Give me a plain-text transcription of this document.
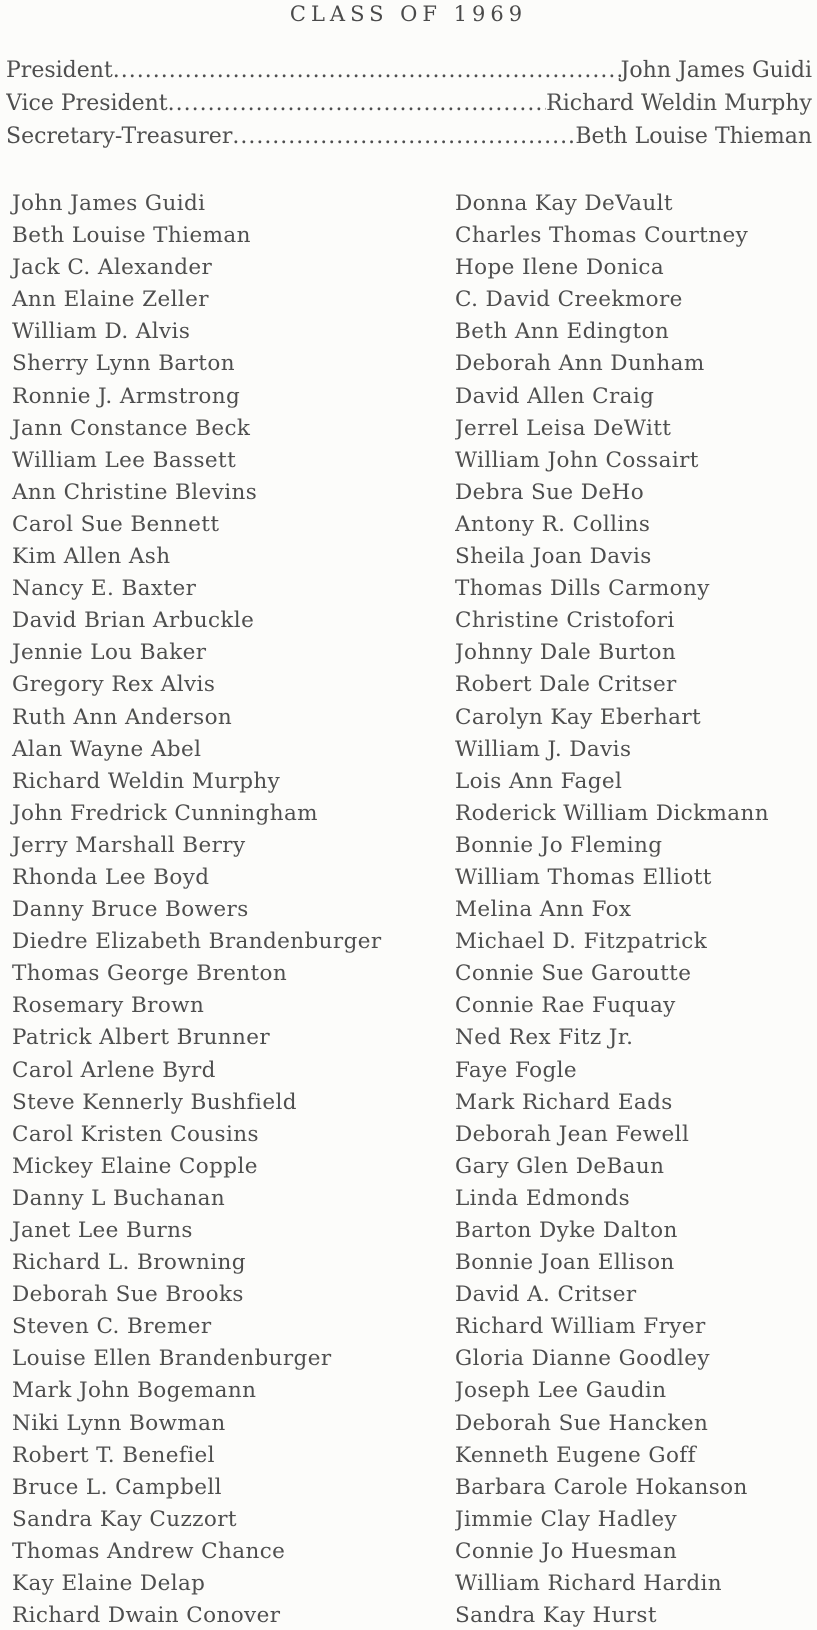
CLASS OF 1969
President .....	John James Guidi
Vice President .....	Richard Weldin Murphy
Secretary-Treasurer .....	Beth Louise Thieman
John James Guidi
Beth Louise Thieman
Jack C. Alexander
Ann Elaine Zeller
William D. Alvis
Sherry Lynn Barton
Ronnie J. Armstrong
Jann Constance Beck
William Lee Bassett
Ann Christine Blevins
Carol Sue Bennett
Kim Allen Ash
Nancy E. Baxter
David Brian Arbuckle
Jennie Lou Baker
Gregory Rex Alvis
Ruth Ann Anderson
Alan Wayne Abel
Richard Weldin Murphy
John Fredrick Cunningham
Jerry Marshall Berry
Rhonda Lee Boyd
Danny Bruce Bowers
Diedre Elizabeth Brandenburger
Thomas George Brenton
Rosemary Brown
Patrick Albert Brunner
Carol Arlene Byrd
Steve Kennerly Bushfield
Carol Kristen Cousins
Mickey Elaine Copple
Danny L Buchanan
Janet Lee Burns
Richard L. Browning
Deborah Sue Brooks
Steven C. Bremer
Louise Ellen Brandenburger
Mark John Bogemann
Niki Lynn Bowman
Robert T. Benefiel
Bruce L. Campbell
Sandra Kay Cuzzort
Thomas Andrew Chance
Kay Elaine Delap
Richard Dwain Conover
Donna Kay DeVault
Charles Thomas Courtney
Hope Ilene Donica
C. David Creekmore
Beth Ann Edington
Deborah Ann Dunham
David Allen Craig
Jerrel Leisa DeWitt
William John Cossairt
Debra Sue DeHo
Antony R. Collins
Sheila Joan Davis
Thomas Dills Carmony
Christine Cristofori
Johnny Dale Burton
Robert Dale Critser
Carolyn Kay Eberhart
William J. Davis
Lois Ann Fagel
Roderick William Dickmann
Bonnie Jo Fleming
William Thomas Elliott
Melina Ann Fox
Michael D. Fitzpatrick
Connie Sue Garoutte
Connie Rae Fuquay
Ned Rex Fitz Jr.
Faye Fogle
Mark Richard Eads
Deborah Jean Fewell
Gary Glen DeBaun
Linda Edmonds
Barton Dyke Dalton
Bonnie Joan Ellison
David A. Critser
Richard William Fryer
Gloria Dianne Goodley
Joseph Lee Gaudin
Deborah Sue Hancken
Kenneth Eugene Goff
Barbara Carole Hokanson
Jimmie Clay Hadley
Connie Jo Huesman
William Richard Hardin
Sandra Kay Hurst
